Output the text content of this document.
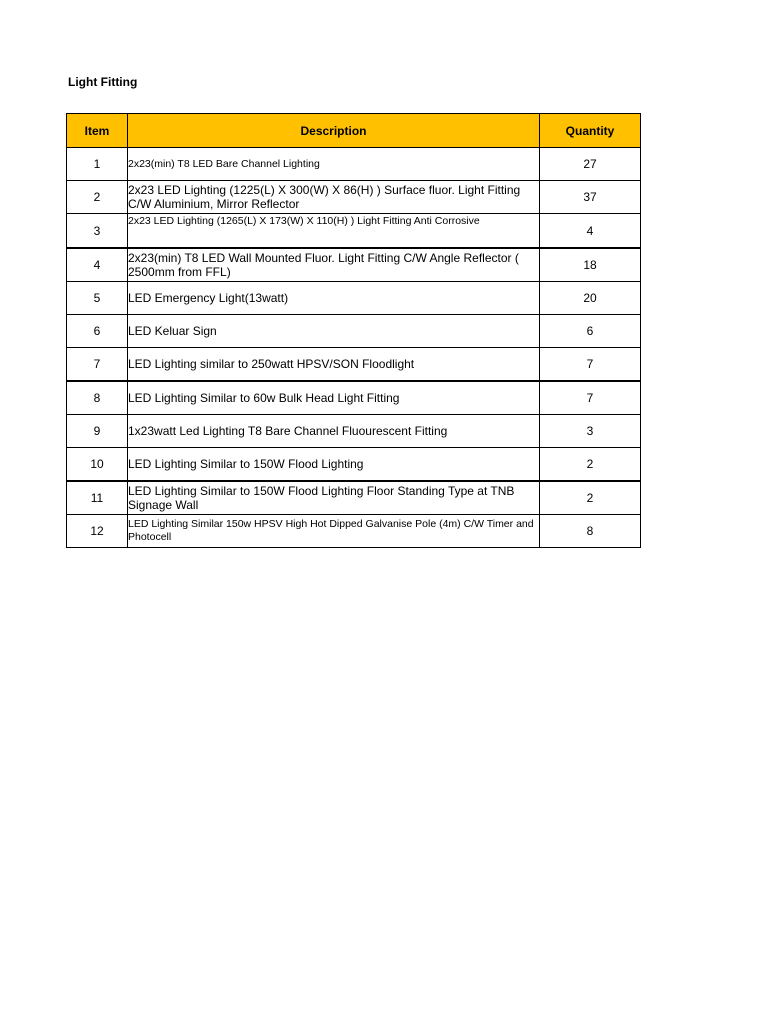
Light Fitting
Item	Description	Quantity
1	2x23(min) T8 LED Bare Channel Lighting	27
2	2x23 LED Lighting (1225(L) X 300(W) X 86(H) ) Surface fluor. Light Fitting C/W Aluminium, Mirror Reflector	37
3	2x23 LED Lighting (1265(L) X 173(W) X 110(H) ) Light Fitting Anti Corrosive	4
4	2x23(min) T8 LED Wall Mounted Fluor. Light Fitting C/W Angle Reflector ( 2500mm from FFL)	18
5	LED Emergency Light(13watt)	20
6	LED Keluar Sign	6
7	LED Lighting similar to 250watt HPSV/SON Floodlight	7
8	LED Lighting Similar to 60w Bulk Head Light Fitting	7
9	1x23watt Led Lighting T8 Bare Channel Fluourescent Fitting	3
10	LED Lighting Similar to 150W Flood Lighting	2
11	LED Lighting Similar to 150W Flood Lighting Floor Standing Type at TNB Signage Wall	2
12	LED Lighting Similar 150w HPSV High Hot Dipped Galvanise Pole (4m) C/W Timer and Photocell	8
